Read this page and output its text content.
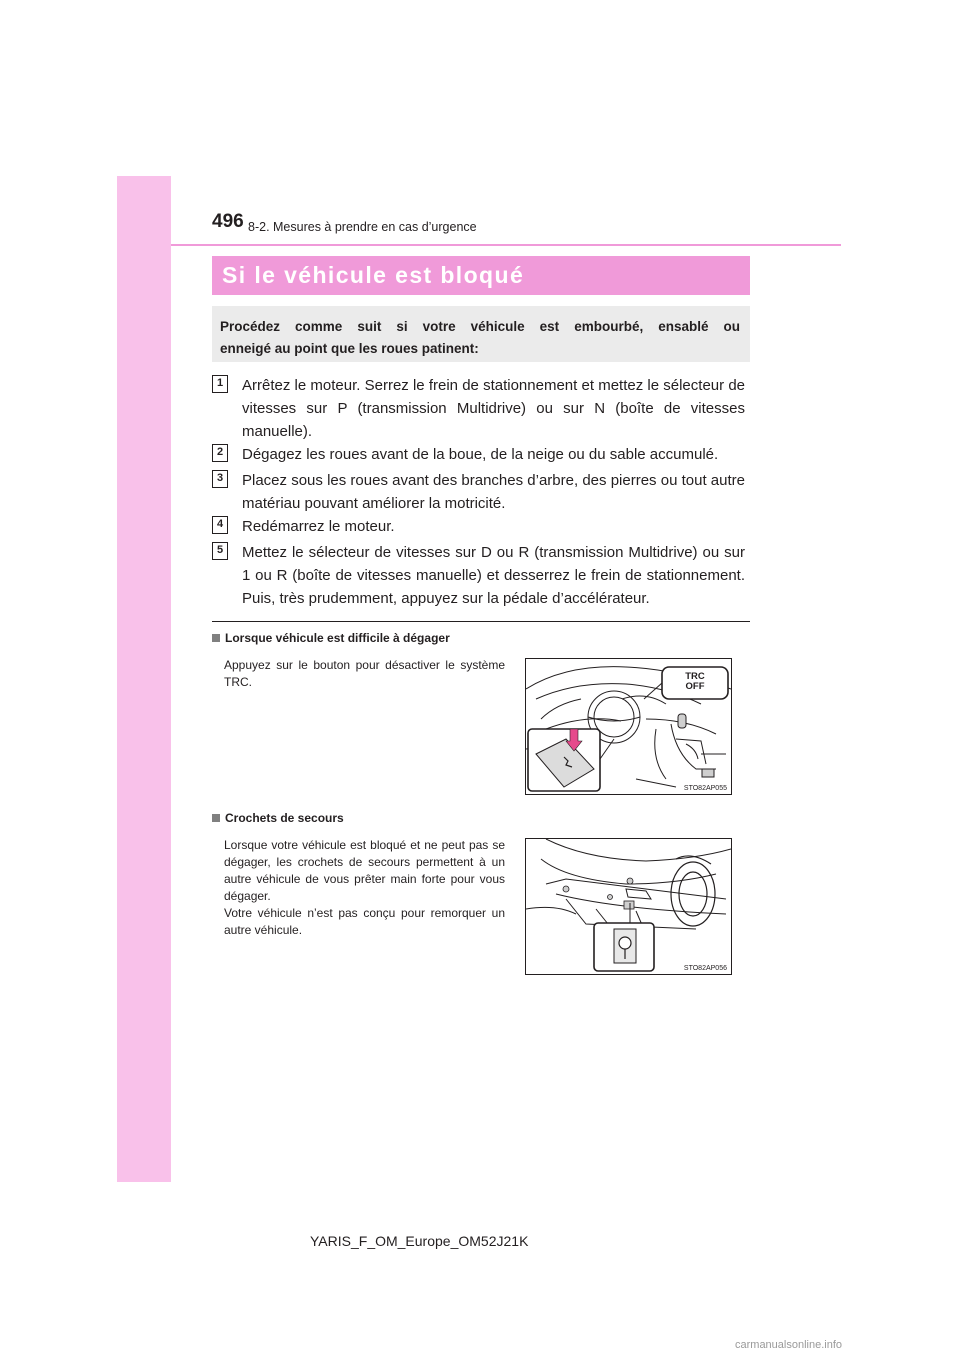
496 8-2. Mesures à prendre en cas d’urgence
Si le véhicule est bloqué
Procédez comme suit si votre véhicule est embourbé, ensablé ou
enneigé au point que les roues patinent:
1	Arrêtez le moteur. Serrez le frein de stationnement et mettez le sélecteur de vitesses sur P (transmission Multidrive) ou sur N (boîte de vitesses manuelle).
2	Dégagez les roues avant de la boue, de la neige ou du sable accumulé.
3	Placez sous les roues avant des branches d’arbre, des pierres ou tout autre matériau pouvant améliorer la motricité.
4	Redémarrez le moteur.
5	Mettez le sélecteur de vitesses sur D ou R (transmission Multidrive) ou sur 1 ou R (boîte de vitesses manuelle) et desserrez le frein de stationnement. Puis, très prudemment, appuyez sur la pédale d’accélérateur.
Lorsque véhicule est difficile à dégager
Appuyez sur le bouton pour désactiver le système TRC.	TRC
OFF
STO82AP055
Crochets de secours
Lorsque votre véhicule est bloqué et ne peut pas se dégager, les crochets de secours permettent à un autre véhicule de vous prêter main forte pour vous dégager.
Votre véhicule n’est pas conçu pour remorquer un autre véhicule.
STO82AP056
YARIS_F_OM_Europe_OM52J21K
carmanualsonline.info
